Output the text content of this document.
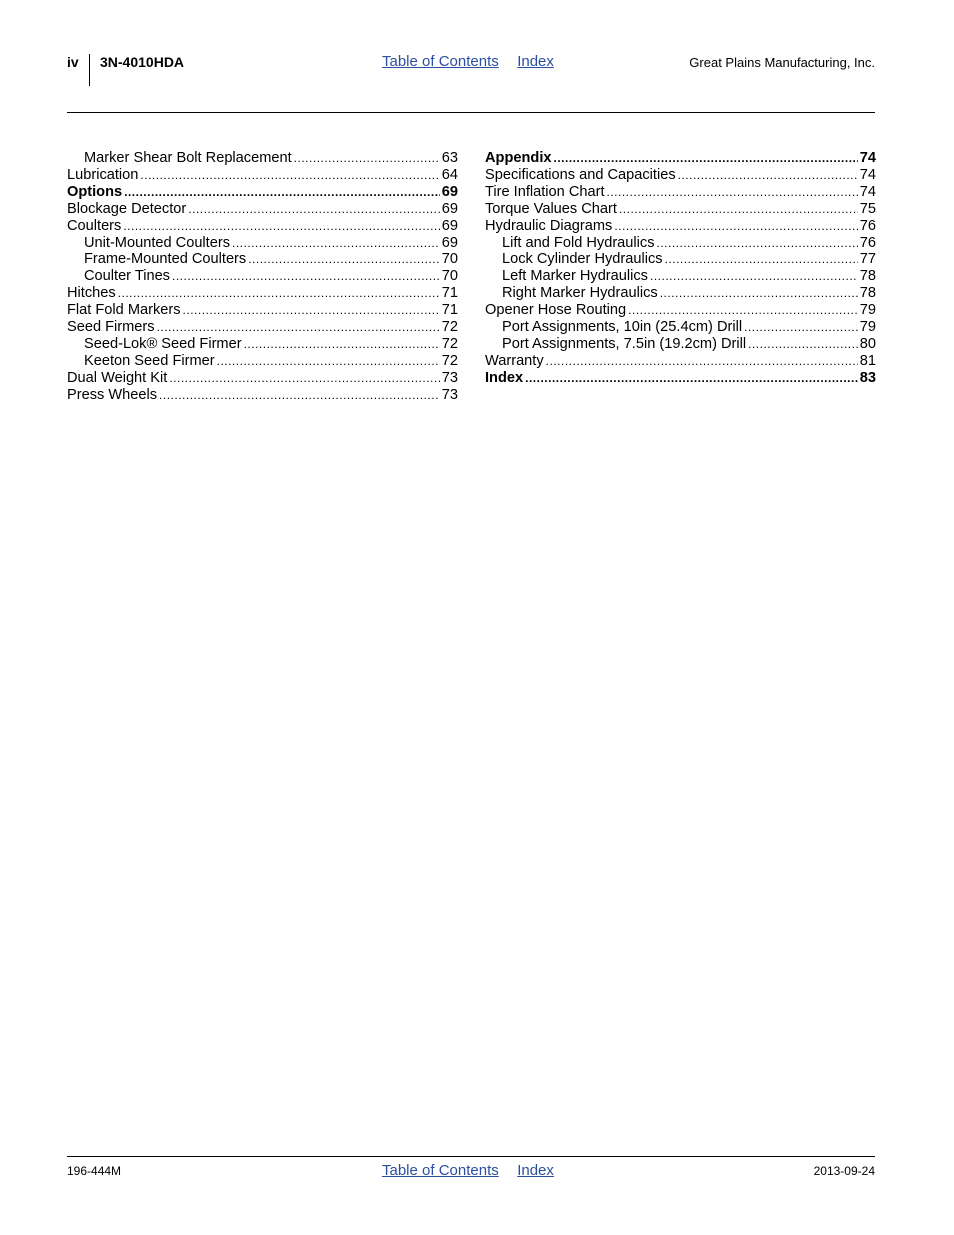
iv 3N-4010HDA	Table of Contents Index	Great Plains Manufacturing, Inc.
Marker Shear Bolt Replacement .....	63
Lubrication .....	64
Options .....	69
Blockage Detector .....	69
Coulters .....	69
Unit-Mounted Coulters .....	69
Frame-Mounted Coulters .....	70
Coulter Tines .....	70
Hitches .....	71
Flat Fold Markers .....	71
Seed Firmers .....	72
Seed-Lok® Seed Firmer .....	72
Keeton Seed Firmer .....	72
Dual Weight Kit .....	73
Press Wheels .....	73
Appendix .....	74
Specifications and Capacities .....	74
Tire Inflation Chart .....	74
Torque Values Chart .....	75
Hydraulic Diagrams .....	76
Lift and Fold Hydraulics .....	76
Lock Cylinder Hydraulics .....	77
Left Marker Hydraulics .....	78
Right Marker Hydraulics .....	78
Opener Hose Routing .....	79
Port Assignments, 10in (25.4cm) Drill .....	79
Port Assignments, 7.5in (19.2cm) Drill .....	80
Warranty .....	81
Index .....	83
196-444M	Table of Contents Index	2013-09-24
